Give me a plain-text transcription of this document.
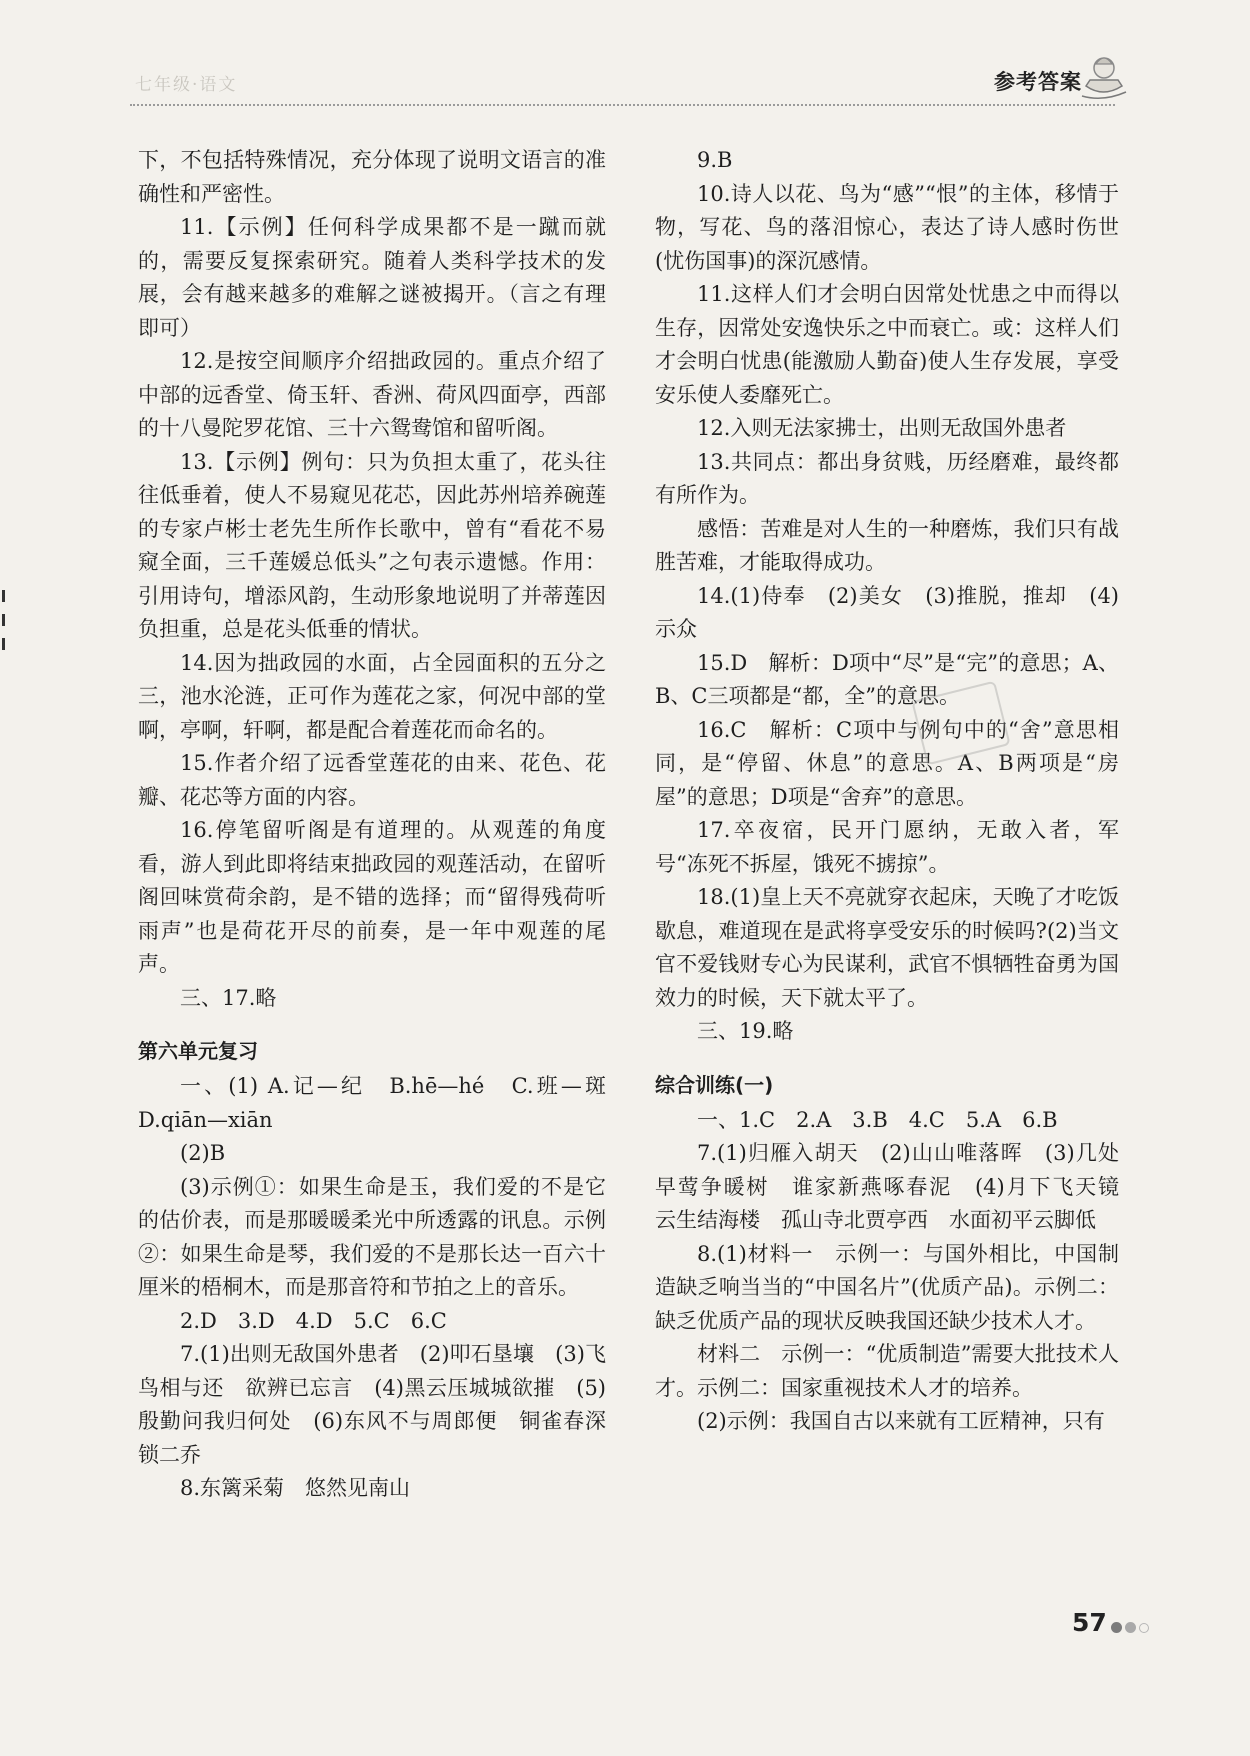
七年级·语文	参考答案

下，不包括特殊情况，充分体现了说明文语言的准确性和严密性。

11.【示例】任何科学成果都不是一蹴而就的，需要反复探索研究。随着人类科学技术的发展，会有越来越多的难解之谜被揭开。（言之有理即可）

12.是按空间顺序介绍拙政园的。重点介绍了中部的远香堂、倚玉轩、香洲、荷风四面亭，西部的十八曼陀罗花馆、三十六鸳鸯馆和留听阁。

13.【示例】例句：只为负担太重了，花头往往低垂着，使人不易窥见花芯，因此苏州培养碗莲的专家卢彬士老先生所作长歌中，曾有“看花不易窥全面，三千莲媛总低头”之句表示遗憾。作用：引用诗句，增添风韵，生动形象地说明了并蒂莲因负担重，总是花头低垂的情状。

14.因为拙政园的水面，占全园面积的五分之三，池水沦涟，正可作为莲花之家，何况中部的堂啊，亭啊，轩啊，都是配合着莲花而命名的。

15.作者介绍了远香堂莲花的由来、花色、花瓣、花芯等方面的内容。

16.停笔留听阁是有道理的。从观莲的角度看，游人到此即将结束拙政园的观莲活动，在留听阁回味赏荷余韵，是不错的选择；而“留得残荷听雨声”也是荷花开尽的前奏，是一年中观莲的尾声。

三、17.略

第六单元复习

一、(1) A.记—纪　B.hē—hé　C.班—斑　D.qiān—xiān

(2)B

(3)示例①：如果生命是玉，我们爱的不是它的估价表，而是那暖暖柔光中所透露的讯息。示例②：如果生命是琴，我们爱的不是那长达一百六十厘米的梧桐木，而是那音符和节拍之上的音乐。

2.D　3.D　4.D　5.C　6.C

7.(1)出则无敌国外患者　(2)叩石垦壤　(3)飞鸟相与还　欲辨已忘言　(4)黑云压城城欲摧　(5)殷勤问我归何处　(6)东风不与周郎便　铜雀春深锁二乔

8.东篱采菊　悠然见南山

9.B

10.诗人以花、鸟为“感”“恨”的主体，移情于物，写花、鸟的落泪惊心，表达了诗人感时伤世(忧伤国事)的深沉感情。

11.这样人们才会明白因常处忧患之中而得以生存，因常处安逸快乐之中而衰亡。或：这样人们才会明白忧患(能激励人勤奋)使人生存发展，享受安乐使人委靡死亡。

12.入则无法家拂士，出则无敌国外患者

13.共同点：都出身贫贱，历经磨难，最终都有所作为。

感悟：苦难是对人生的一种磨炼，我们只有战胜苦难，才能取得成功。

14.(1)侍奉　(2)美女　(3)推脱，推却　(4)示众

15.D　解析：D项中“尽”是“完”的意思；A、B、C三项都是“都，全”的意思。

16.C　解析：C项中与例句中的“舍”意思相同，是“停留、休息”的意思。A、B两项是“房屋”的意思；D项是“舍弃”的意思。

17.卒夜宿，民开门愿纳，无敢入者，军号“冻死不拆屋，饿死不掳掠”。

18.(1)皇上天不亮就穿衣起床，天晚了才吃饭歇息，难道现在是武将享受安乐的时候吗?(2)当文官不爱钱财专心为民谋利，武官不惧牺牲奋勇为国效力的时候，天下就太平了。

三、19.略

综合训练(一)

一、1.C　2.A　3.B　4.C　5.A　6.B

7.(1)归雁入胡天　(2)山山唯落晖　(3)几处早莺争暖树　谁家新燕啄春泥　(4)月下飞天镜　云生结海楼　孤山寺北贾亭西　水面初平云脚低

8.(1)材料一　示例一：与国外相比，中国制造缺乏响当当的“中国名片”(优质产品)。示例二：缺乏优质产品的现状反映我国还缺少技术人才。

材料二　示例一：“优质制造”需要大批技术人才。示例二：国家重视技术人才的培养。

(2)示例：我国自古以来就有工匠精神，只有

57
